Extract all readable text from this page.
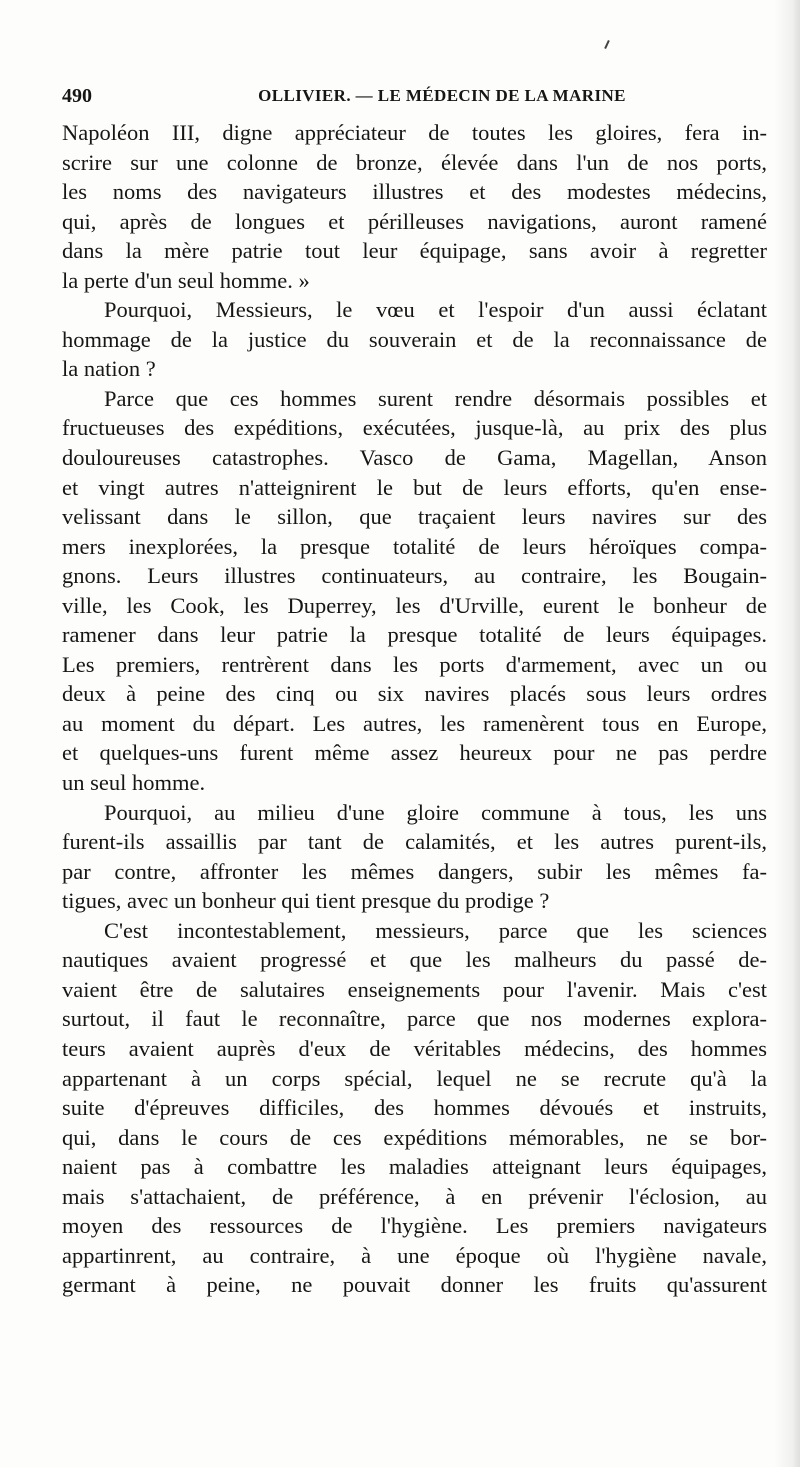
490	OLLIVIER. — LE MÉDECIN DE LA MARINE
Napoléon III, digne appréciateur de toutes les gloires, fera in-
scrire sur une colonne de bronze, élevée dans l'un de nos ports,
les noms des navigateurs illustres et des modestes médecins,
qui, après de longues et périlleuses navigations, auront ramené
dans la mère patrie tout leur équipage, sans avoir à regretter
la perte d'un seul homme. »
Pourquoi, Messieurs, le vœu et l'espoir d'un aussi éclatant
hommage de la justice du souverain et de la reconnaissance de
la nation ?
Parce que ces hommes surent rendre désormais possibles et
fructueuses des expéditions, exécutées, jusque-là, au prix des plus
douloureuses catastrophes. Vasco de Gama, Magellan, Anson
et vingt autres n'atteignirent le but de leurs efforts, qu'en ense-
velissant dans le sillon, que traçaient leurs navires sur des
mers inexplorées, la presque totalité de leurs héroïques compa-
gnons. Leurs illustres continuateurs, au contraire, les Bougain-
ville, les Cook, les Duperrey, les d'Urville, eurent le bonheur de
ramener dans leur patrie la presque totalité de leurs équipages.
Les premiers, rentrèrent dans les ports d'armement, avec un ou
deux à peine des cinq ou six navires placés sous leurs ordres
au moment du départ. Les autres, les ramenèrent tous en Europe,
et quelques-uns furent même assez heureux pour ne pas perdre
un seul homme.
Pourquoi, au milieu d'une gloire commune à tous, les uns
furent-ils assaillis par tant de calamités, et les autres purent-ils,
par contre, affronter les mêmes dangers, subir les mêmes fa-
tigues, avec un bonheur qui tient presque du prodige ?
C'est incontestablement, messieurs, parce que les sciences
nautiques avaient progressé et que les malheurs du passé de-
vaient être de salutaires enseignements pour l'avenir. Mais c'est
surtout, il faut le reconnaître, parce que nos modernes explora-
teurs avaient auprès d'eux de véritables médecins, des hommes
appartenant à un corps spécial, lequel ne se recrute qu'à la
suite d'épreuves difficiles, des hommes dévoués et instruits,
qui, dans le cours de ces expéditions mémorables, ne se bor-
naient pas à combattre les maladies atteignant leurs équipages,
mais s'attachaient, de préférence, à en prévenir l'éclosion, au
moyen des ressources de l'hygiène. Les premiers navigateurs
appartinrent, au contraire, à une époque où l'hygiène navale,
germant à peine, ne pouvait donner les fruits qu'assurent
